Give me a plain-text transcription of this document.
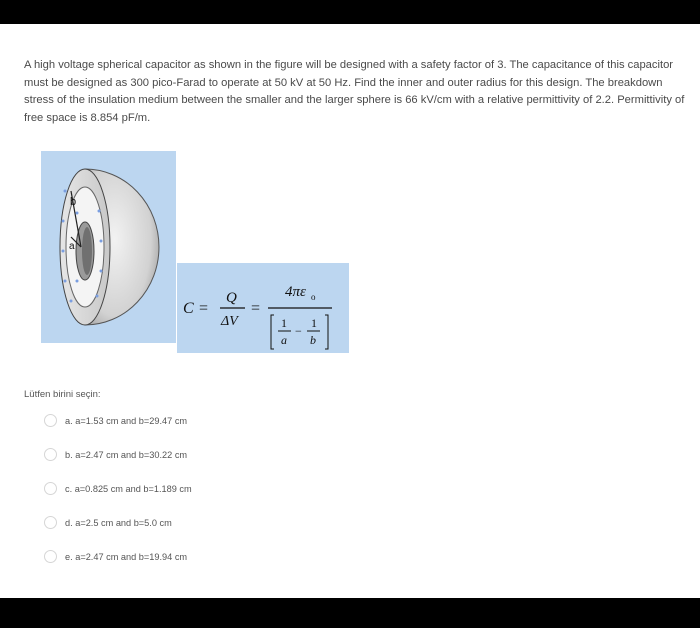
A high voltage spherical capacitor as shown in the figure will be designed with a safety factor of 3. The capacitance of this capacitor must be designed as 300 pico-Farad to operate at 50 kV at 50 Hz. Find the inner and outer radius for this design. The breakdown stress of the insulation medium between the smaller and the larger sphere is 66 kV/cm with a relative permittivity of 2.2. Permittivity of free space is 8.854 pF/m.

b
a
C =
Q
ΔV
=
4πε o
1
a
−
1
b
Lütfen birini seçin:
a. a=1.53 cm and b=29.47 cm
b. a=2.47 cm and b=30.22 cm
c. a=0.825 cm and b=1.189 cm
d. a=2.5 cm and b=5.0 cm
e. a=2.47 cm and b=19.94 cm
